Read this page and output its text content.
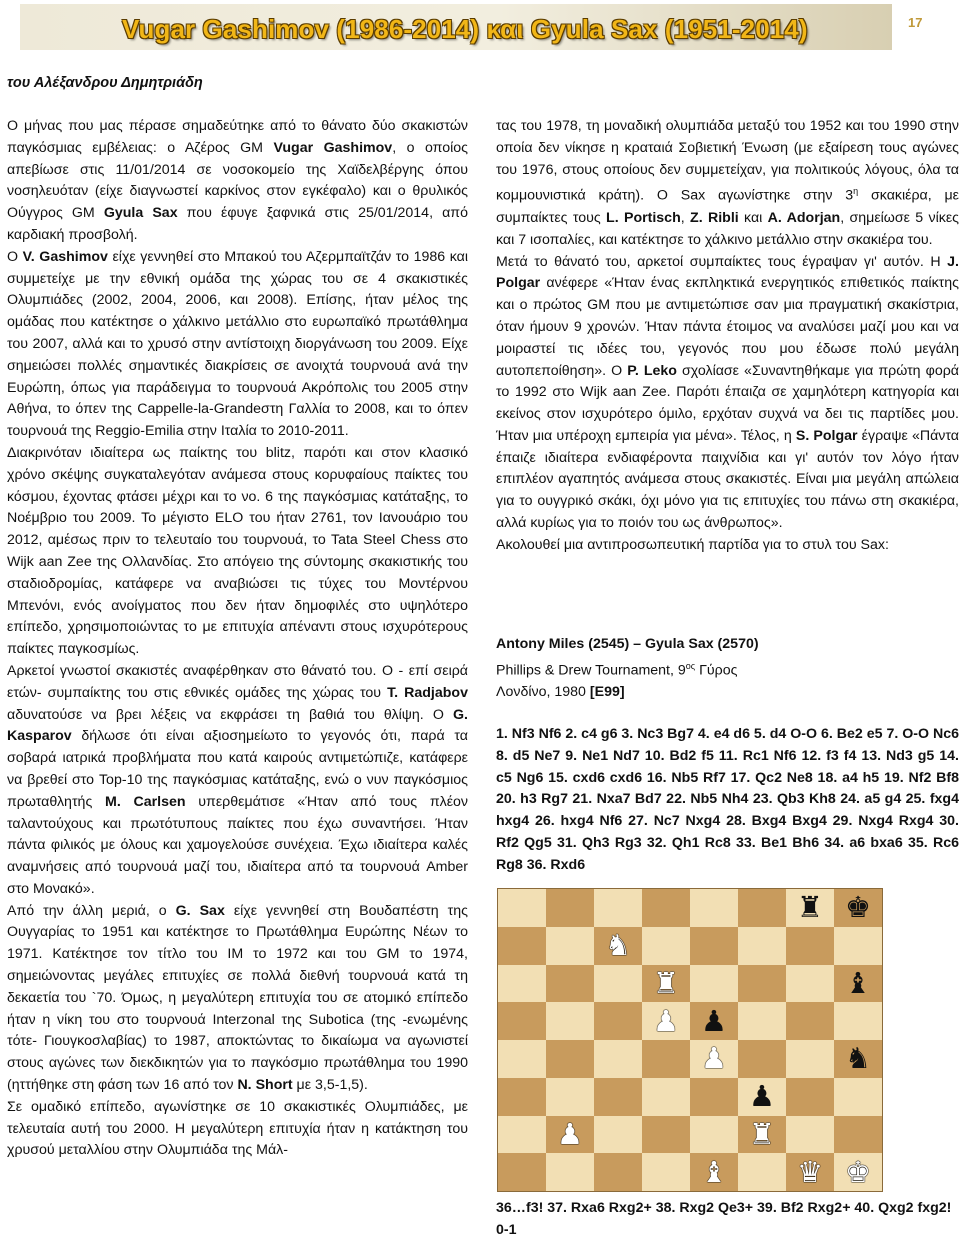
Vugar Gashimov (1986-2014) και Gyula Sax (1951-2014)	17
του Αλέξανδρου Δημητριάδη

Ο μήνας που μας πέρασε σημαδεύτηκε από το θάνατο δύο σκακιστών παγκόσμιας εμβέλειας: ο Αζέρος GM Vugar Gashimov, ο οποίος απεβίωσε στις 11/01/2014 σε νοσοκομείο της Χαϊδελβέργης όπου νοσηλευόταν (είχε διαγνωστεί καρκίνος στον εγκέφαλο) και ο θρυλικός Ούγγρος GM Gyula Sax που έφυγε ξαφνικά στις 25/01/2014, από καρδιακή προσβολή.

Ο V. Gashimov είχε γεννηθεί στο Μπακού του Αζερμπαϊτζάν το 1986 και συμμετείχε με την εθνική ομάδα της χώρας του σε 4 σκακιστικές Ολυμπιάδες (2002, 2004, 2006, και 2008). Επίσης, ήταν μέλος της ομάδας που κατέκτησε ο χάλκινο μετάλλιο στο ευρωπαϊκό πρωτάθλημα του 2007, αλλά και το χρυσό στην αντίστοιχη διοργάνωση του 2009. Είχε σημειώσει πολλές σημαντικές διακρίσεις σε ανοιχτά τουρνουά ανά την Ευρώπη, όπως για παράδειγμα το τουρνουά Ακρόπολις του 2005 στην Αθήνα, το όπεν της Cappelle-la-Grandeστη Γαλλία το 2008, και το όπεν τουρνουά της Reggio-Emilia στην Ιταλία το 2010-2011.

Διακρινόταν ιδιαίτερα ως παίκτης του blitz, παρότι και στον κλασικό χρόνο σκέψης συγκαταλεγόταν ανάμεσα στους κορυφαίους παίκτες του κόσμου, έχοντας φτάσει μέχρι και το νο. 6 της παγκόσμιας κατάταξης, το Νοέμβριο του 2009. Το μέγιστο ELO του ήταν 2761, τον Ιανουάριο του 2012, αμέσως πριν το τελευταίο του τουρνουά, το Tata Steel Chess στο Wijk aan Zee της Ολλανδίας. Στο απόγειο της σύντομης σκακιστικής του σταδιοδρομίας, κατάφερε να αναβιώσει τις τύχες του Μοντέρνου Μπενόνι, ενός ανοίγματος που δεν ήταν δημοφιλές στο υψηλότερο επίπεδο, χρησιμοποιώντας το με επιτυχία απέναντι στους ισχυρότερους παίκτες παγκοσμίως.

Αρκετοί γνωστοί σκακιστές αναφέρθηκαν στο θάνατό του. Ο - επί σειρά ετών- συμπαίκτης του στις εθνικές ομάδες της χώρας του T. Radjabov αδυνατούσε να βρει λέξεις να εκφράσει τη βαθιά του θλίψη. Ο G. Kasparov δήλωσε ότι είναι αξιοσημείωτο το γεγονός ότι, παρά τα σοβαρά ιατρικά προβλήματα που κατά καιρούς αντιμετώπιζε, κατάφερε να βρεθεί στο Top-10 της παγκόσμιας κατάταξης, ενώ ο νυν παγκόσμιος πρωταθλητής M. Carlsen υπερθεμάτισε «Ήταν από τους πλέον ταλαντούχους και πρωτότυπους παίκτες που έχω συναντήσει. Ήταν πάντα φιλικός με όλους και χαμογελούσε συνέχεια. Έχω ιδιαίτερα καλές αναμνήσεις από τουρνουά μαζί του, ιδιαίτερα από τα τουρνουά Amber στο Μονακό».

Από την άλλη μεριά, ο G. Sax είχε γεννηθεί στη Βουδαπέστη της Ουγγαρίας το 1951 και κατέκτησε το Πρωτάθλημα Ευρώπης Νέων το 1971. Κατέκτησε τον τίτλο του IM το 1972 και του GM το 1974, σημειώνοντας μεγάλες επιτυχίες σε πολλά διεθνή τουρνουά κατά τη δεκαετία του `70. Όμως, η μεγαλύτερη επιτυχία του σε ατομικό επίπεδο ήταν η νίκη του στο τουρνουά Interzonal της Subotica (της -ενωμένης τότε- Γιουγκοσλαβίας) το 1987, αποκτώντας το δικαίωμα να αγωνιστεί στους αγώνες των διεκδικητών για το παγκόσμιο πρωτάθλημα του 1990 (ηττήθηκε στη φάση των 16 από τον N. Short με 3,5-1,5).

Σε ομαδικό επίπεδο, αγωνίστηκε σε 10 σκακιστικές Ολυμπιάδες, με τελευταία αυτή του 2000. Η μεγαλύτερη επιτυχία ήταν η κατάκτηση του χρυσού μεταλλίου στην Ολυμπιάδα της Μάλ-

τας του 1978, τη μοναδική ολυμπιάδα μεταξύ του 1952 και του 1990 στην οποία δεν νίκησε η κραταιά Σοβιετική Ένωση (με εξαίρεση τους αγώνες του 1976, στους οποίους δεν συμμετείχαν, για πολιτικούς λόγους, όλα τα κομμουνιστικά κράτη). Ο Sax αγωνίστηκε στην $3^\eta$ σκακιέρα, με συμπαίκτες τους L. Portisch, Z. Ribli και A. Adorjan, σημείωσε 5 νίκες και 7 ισοπαλίες, και κατέκτησε το χάλκινο μετάλλιο στην σκακιέρα του.

Μετά το θάνατό του, αρκετοί συμπαίκτες τους έγραψαν γι' αυτόν. Η J. Polgar ανέφερε «Ήταν ένας εκπληκτικά ενεργητικός επιθετικός παίκτης και ο πρώτος GM που με αντιμετώπισε σαν μια πραγματική σκακίστρια, όταν ήμουν 9 χρονών. Ήταν πάντα έτοιμος να αναλύσει μαζί μου και να μοιραστεί τις ιδέες του, γεγονός που μου έδωσε πολύ μεγάλη αυτοπεποίθηση». Ο P. Leko σχολίασε «Συναντηθήκαμε για πρώτη φορά το 1992 στο Wijk aan Zee. Παρότι έπαιζα σε χαμηλότερη κατηγορία και εκείνος στον ισχυρότερο όμιλο, ερχόταν συχνά να δει τις παρτίδες μου. Ήταν μια υπέροχη εμπειρία για μένα». Τέλος, η S. Polgar έγραψε «Πάντα έπαιζε ιδιαίτερα ενδιαφέροντα παιχνίδια και γι' αυτόν τον λόγο ήταν επιπλέον αγαπητός ανάμεσα στους σκακιστές. Είναι μια μεγάλη απώλεια για το ουγγρικό σκάκι, όχι μόνο για τις επιτυχίες του πάνω στη σκακιέρα, αλλά κυρίως για το ποιόν του ως άνθρωπος».

Ακολουθεί μια αντιπροσωπευτική παρτίδα για το στυλ του Sax:

Antony Miles (2545) – Gyula Sax (2570)
Phillips & Drew Tournament, $9^{o\varsigma}$ Γύρος
Λονδίνο, 1980 [E99]
1. Nf3 Nf6 2. c4 g6 3. Nc3 Bg7 4. e4 d6 5. d4 O-O 6. Be2 e5 7. O-O Nc6 8. d5 Ne7 9. Ne1 Nd7 10. Bd2 f5 11. Rc1 Nf6 12. f3 f4 13. Nd3 g5 14. c5 Ng6 15. cxd6 cxd6 16. Nb5 Rf7 17. Qc2 Ne8 18. a4 h5 19. Nf2 Bf8 20. h3 Rg7 21. Nxa7 Bd7 22. Nb5 Nh4 23. Qb3 Kh8 24. a5 g4 25. fxg4 hxg4 26. hxg4 Nf6 27. Nc7 Nxg4 28. Bxg4 Bxg4 29. Nxg4 Rxg4 30. Rf2 Qg5 31. Qh3 Rg3 32. Qh1 Rc8 33. Be1 Bh6 34. a6 bxa6 35. Rc6 Rg8 36. Rxd6
♜ ♚
♞
♜	♝
♟ ♟
♟	♞
♟
♟	♜
♝ ♛ ♚
36…f3! 37. Rxa6 Rxg2+ 38. Rxg2 Qe3+ 39. Bf2 Rxg2+ 40. Qxg2 fxg2! 0-1
